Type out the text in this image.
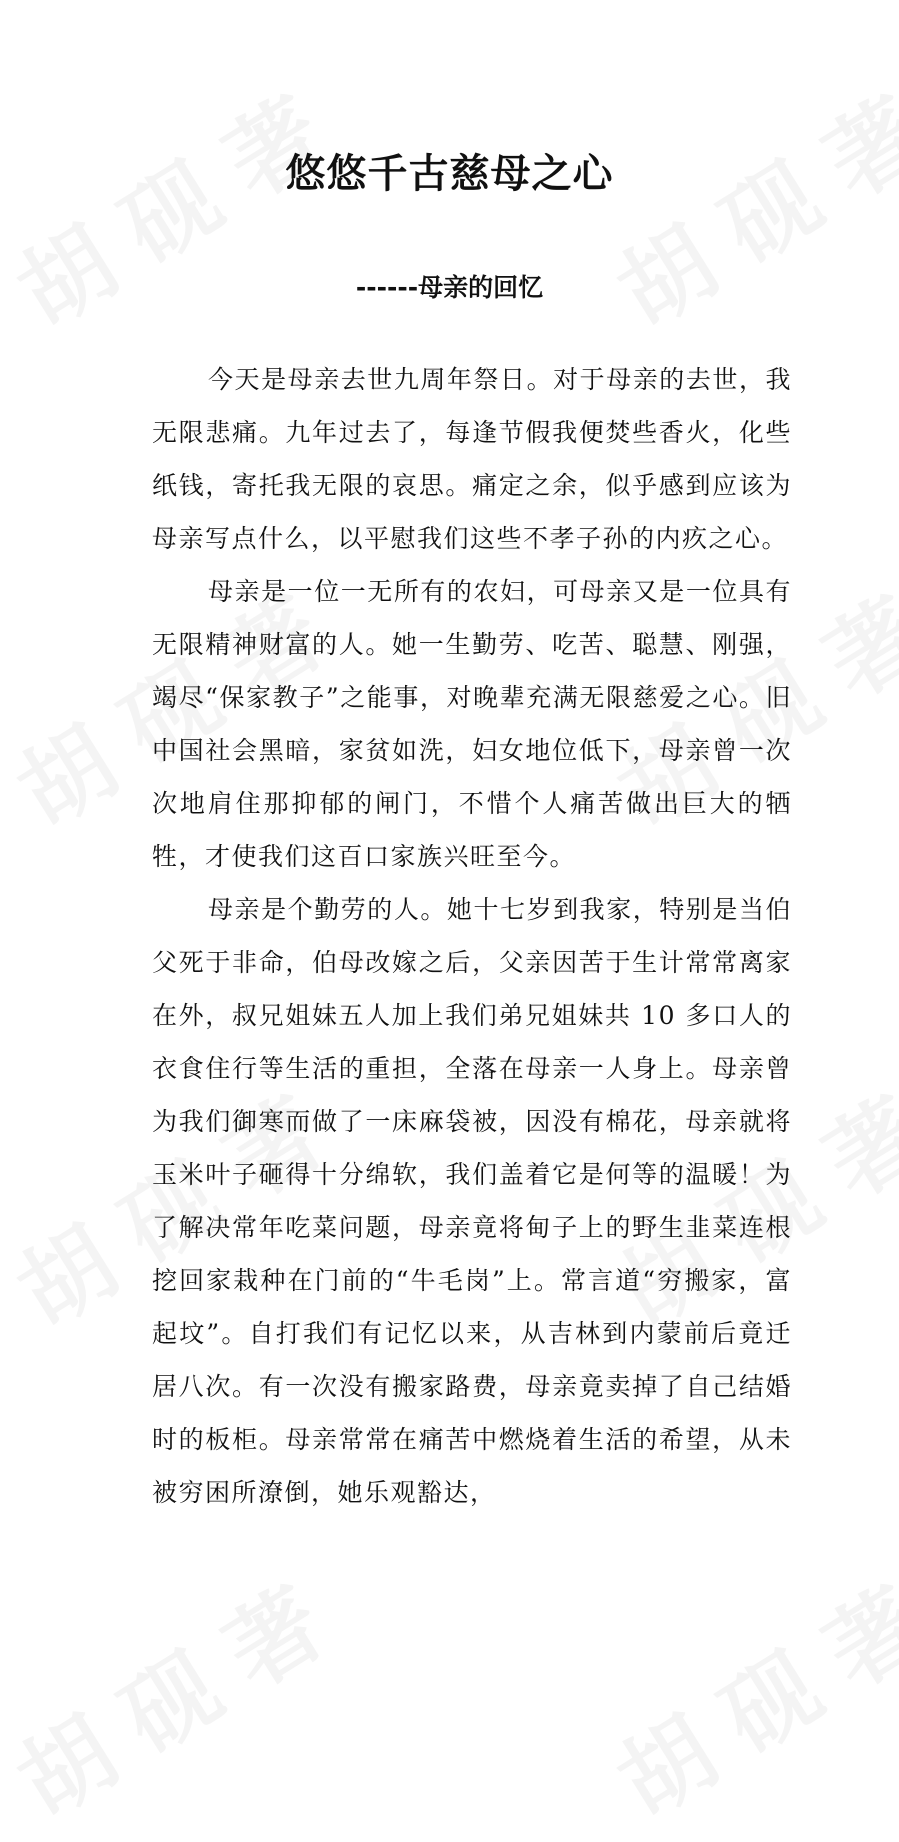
悠悠千古慈母之心
------母亲的回忆

今天是母亲去世九周年祭日。对于母亲的去世，我无限悲痛。九年过去了，每逢节假我便焚些香火，化些纸钱，寄托我无限的哀思。痛定之余，似乎感到应该为母亲写点什么，以平慰我们这些不孝子孙的内疚之心。

母亲是一位一无所有的农妇，可母亲又是一位具有无限精神财富的人。她一生勤劳、吃苦、聪慧、刚强，竭尽“保家教子”之能事，对晚辈充满无限慈爱之心。旧中国社会黑暗，家贫如洗，妇女地位低下，母亲曾一次次地肩住那抑郁的闸门，不惜个人痛苦做出巨大的牺牲，才使我们这百口家族兴旺至今。

母亲是个勤劳的人。她十七岁到我家，特别是当伯父死于非命，伯母改嫁之后，父亲因苦于生计常常离家在外，叔兄姐妹五人加上我们弟兄姐妹共 10 多口人的衣食住行等生活的重担，全落在母亲一人身上。母亲曾为我们御寒而做了一床麻袋被，因没有棉花，母亲就将玉米叶子砸得十分绵软，我们盖着它是何等的温暖！为了解决常年吃菜问题，母亲竟将甸子上的野生韭菜连根挖回家栽种在门前的“牛毛岗”上。常言道“穷搬家，富起坟”。自打我们有记忆以来，从吉林到内蒙前后竟迁居八次。有一次没有搬家路费，母亲竟卖掉了自己结婚时的板柜。母亲常常在痛苦中燃烧着生活的希望，从未被穷困所潦倒，她乐观豁达，
